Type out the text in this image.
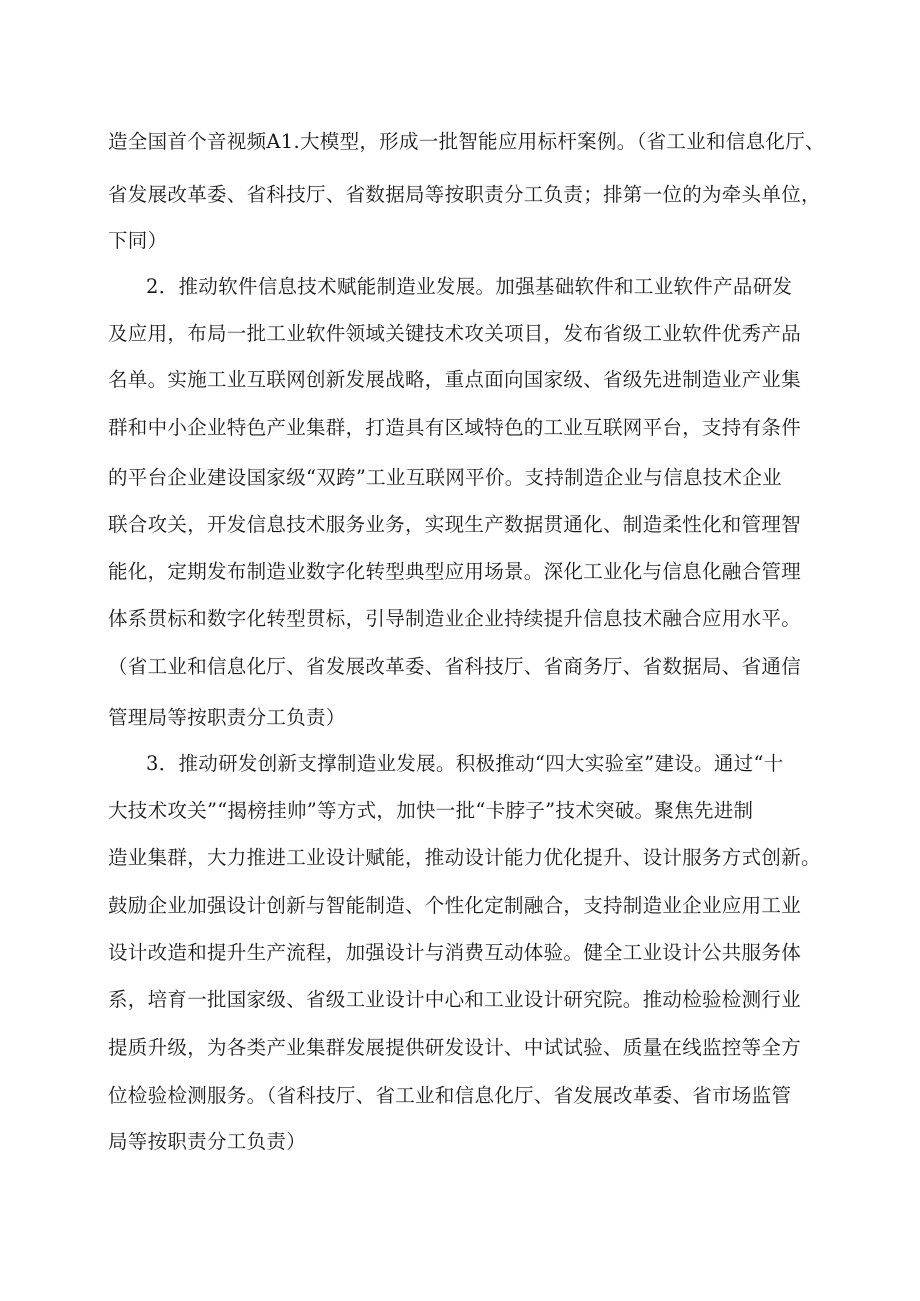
造全国首个音视频A1.大模型，形成一批智能应用标杆案例。（省工业和信息化厅、
省发展改革委、省科技厅、省数据局等按职责分工负责；排第一位的为牵头单位，
下同）
2．推动软件信息技术赋能制造业发展。加强基础软件和工业软件产品研发
及应用，布局一批工业软件领域关键技术攻关项目，发布省级工业软件优秀产品
名单。实施工业互联网创新发展战略，重点面向国家级、省级先进制造业产业集
群和中小企业特色产业集群，打造具有区域特色的工业互联网平台，支持有条件
的平台企业建设国家级“双跨”工业互联网平价。支持制造企业与信息技术企业
联合攻关，开发信息技术服务业务，实现生产数据贯通化、制造柔性化和管理智
能化，定期发布制造业数字化转型典型应用场景。深化工业化与信息化融合管理
体系贯标和数字化转型贯标，引导制造业企业持续提升信息技术融合应用水平。
（省工业和信息化厅、省发展改革委、省科技厅、省商务厅、省数据局、省通信
管理局等按职责分工负责）
3．推动研发创新支撑制造业发展。积极推动“四大实验室”建设。通过“十
大技术攻关”“揭榜挂帅”等方式，加快一批“卡脖子”技术突破。聚焦先进制
造业集群，大力推进工业设计赋能，推动设计能力优化提升、设计服务方式创新。
鼓励企业加强设计创新与智能制造、个性化定制融合，支持制造业企业应用工业
设计改造和提升生产流程，加强设计与消费互动体验。健全工业设计公共服务体
系，培育一批国家级、省级工业设计中心和工业设计研究院。推动检验检测行业
提质升级，为各类产业集群发展提供研发设计、中试试验、质量在线监控等全方
位检验检测服务。（省科技厅、省工业和信息化厅、省发展改革委、省市场监管
局等按职责分工负责）
